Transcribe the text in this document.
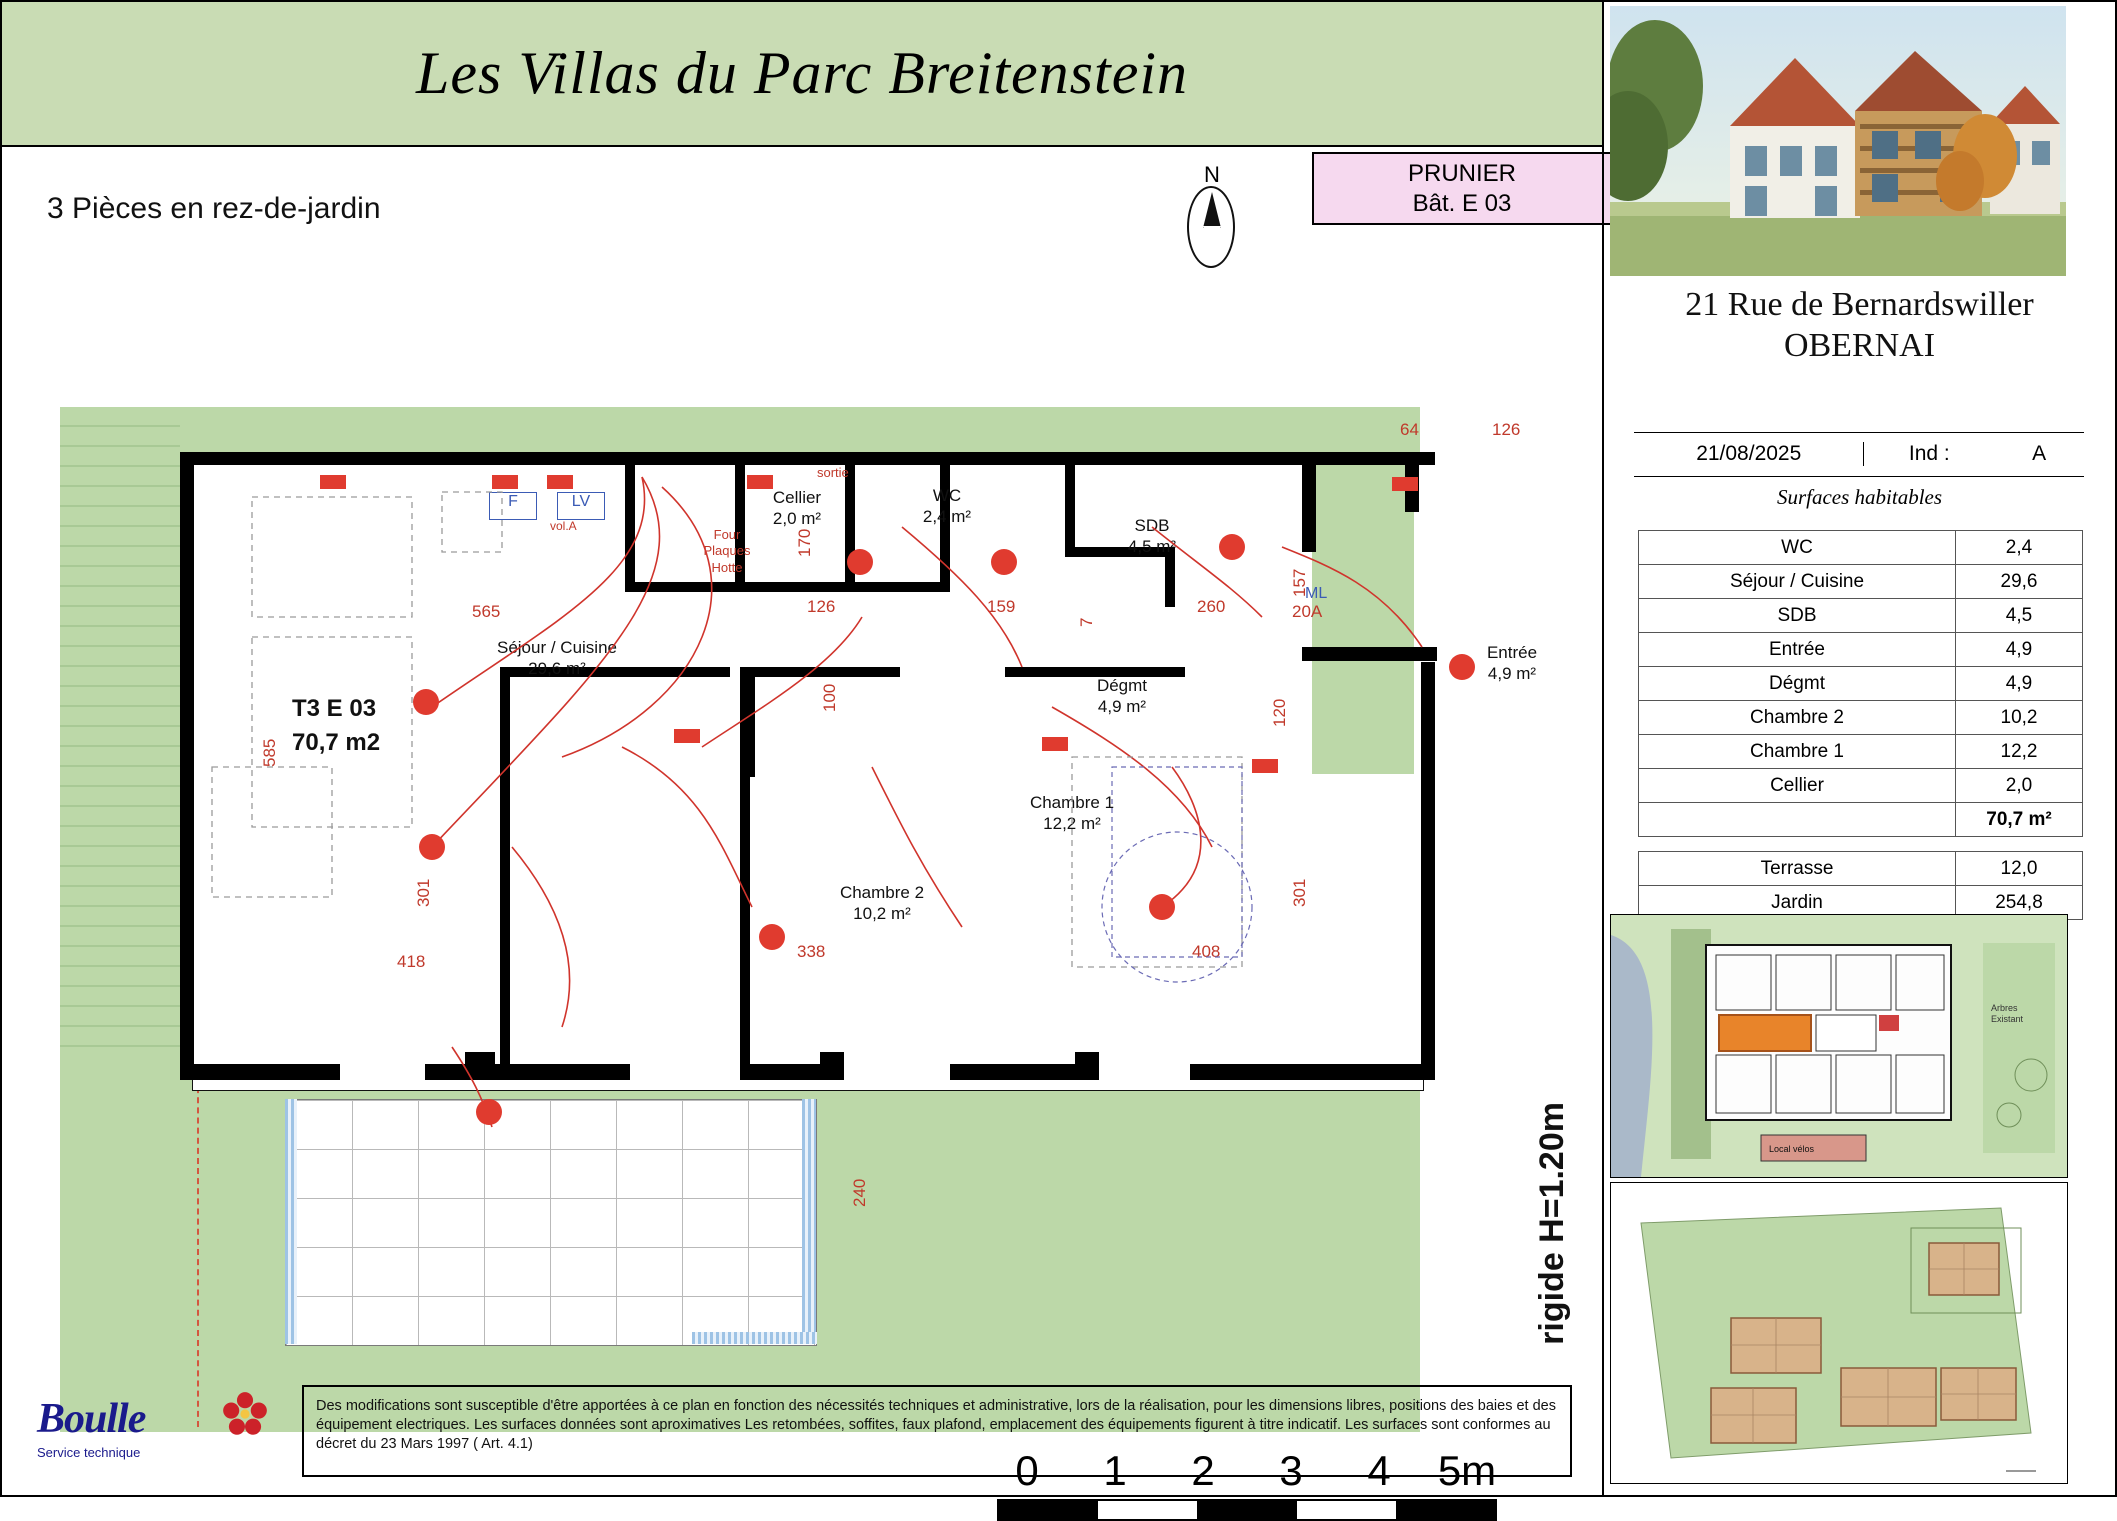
Les Villas du Parc Breitenstein
3 Pièces en rez-de-jardin
N	PRUNIER
Bât. E 03
T3 E 03
70,7 m2
Séjour / Cuisine
29,6 m²
Cellier
2,0 m²
WC
2,4 m²	SDB
4,5 m²
Dégmt
4,9 m²
Entrée
4,9 m²
Chambre 2
10,2 m²
Chambre 1
12,2 m²

Four
Plaques
Hotte
F	LV
vol.A
sortie
ML
565
418
585
170
126
100
159
7
260
157
120
20A
64	126
301
338
301
408
240	rigide H=1.20m
0	1	2	3	4	5m
Boulle
Service technique
Des modifications sont susceptible d'être apportées à ce plan en fonction des nécessités techniques et administrative, lors de la réalisation, pour les dimensions libres, positions des baies et des équipement electriques. Les surfaces données sont aproximatives Les retombées, soffites, faux plafond, emplacement des équipements figurent à titre indicatif. Les surfaces sont conformes au décret du 23 Mars 1997 ( Art. 4.1)
21 Rue de Bernardswiller
OBERNAI
21/08/2025	Ind :	A
Surfaces habitables
WC	2,4
Séjour / Cuisine	29,6
SDB	4,5
Entrée	4,9
Dégmt	4,9
Chambre 2	10,2
Chambre 1	12,2
Cellier	2,0
	70,7 m²

Terrasse	12,0
Jardin	254,8
Arbres
Existant
Local vélos
